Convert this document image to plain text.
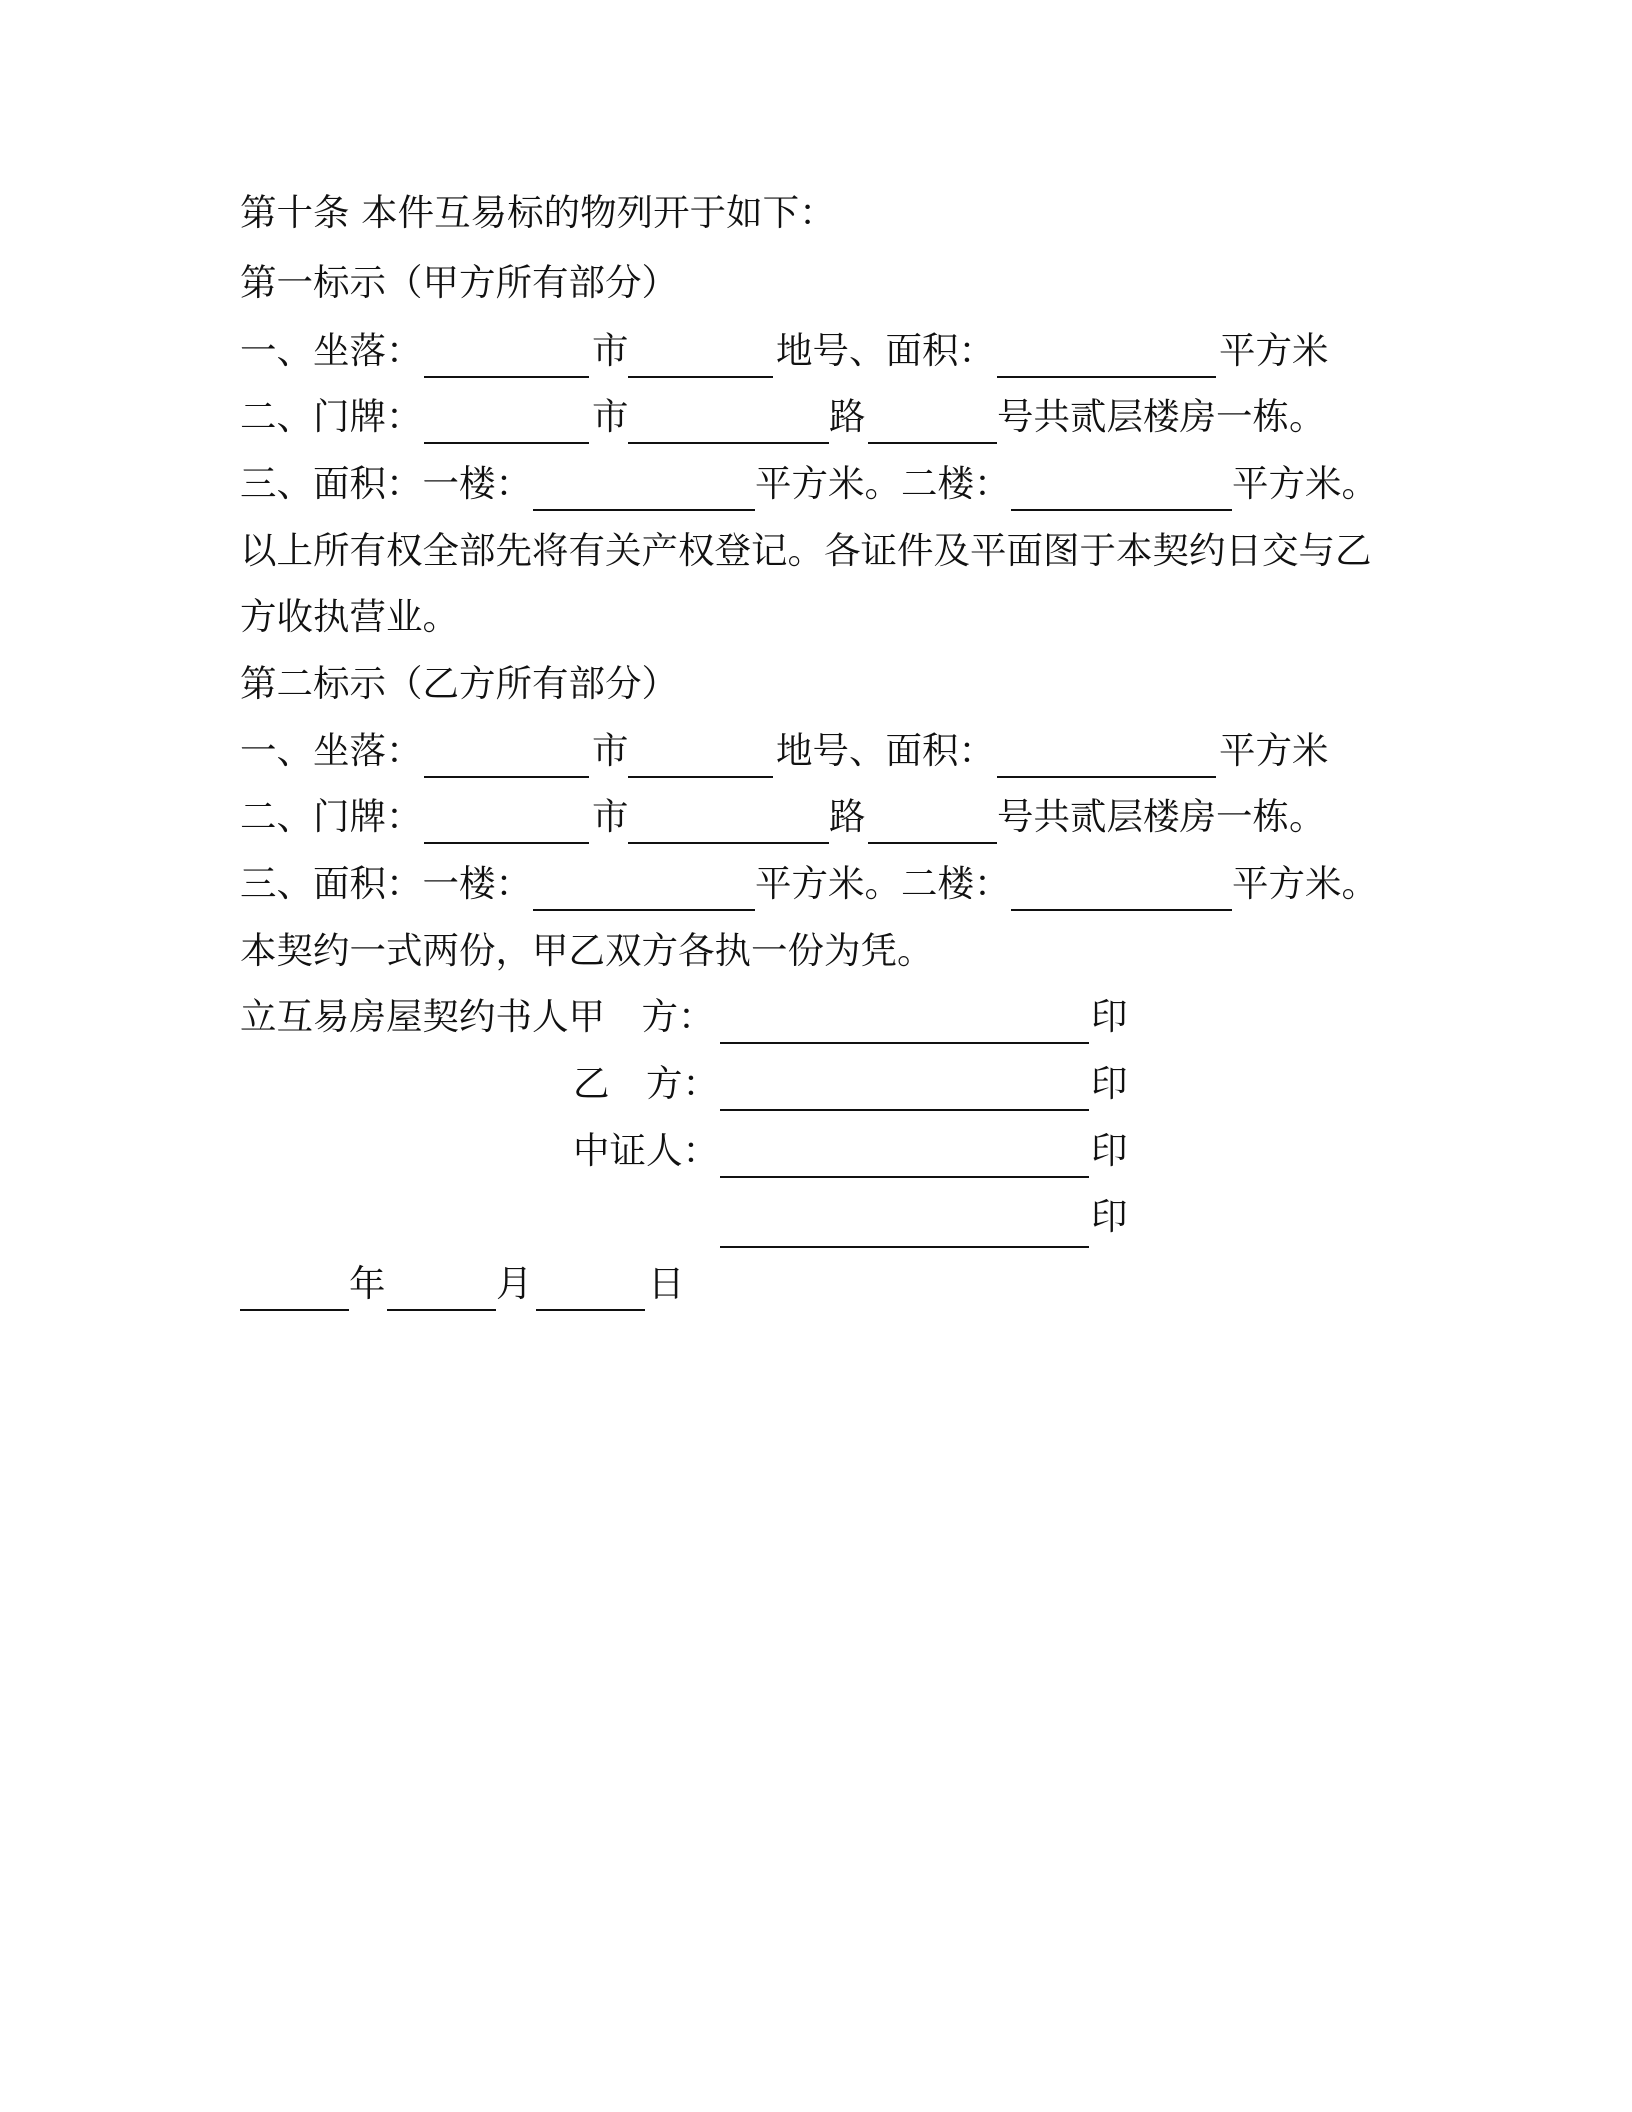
第十条 本件互易标的物列开于如下：
第一标示（甲方所有部分）
一、坐落：	市	地号、面积：	平方米
二、门牌：	市	路	号共贰层楼房一栋。
三、面积：一楼：	平方米。二楼：	平方米。
以上所有权全部先将有关产权登记。各证件及平面图于本契约日交与乙
方收执营业。
第二标示（乙方所有部分）
一、坐落：	市	地号、面积：	平方米
二、门牌：	市	路	号共贰层楼房一栋。
三、面积：一楼：	平方米。二楼：	平方米。
本契约一式两份，甲乙双方各执一份为凭。
立互易房屋契约书人甲　方：	印
乙　方：	印
中证人：	印
印
年	月	日
